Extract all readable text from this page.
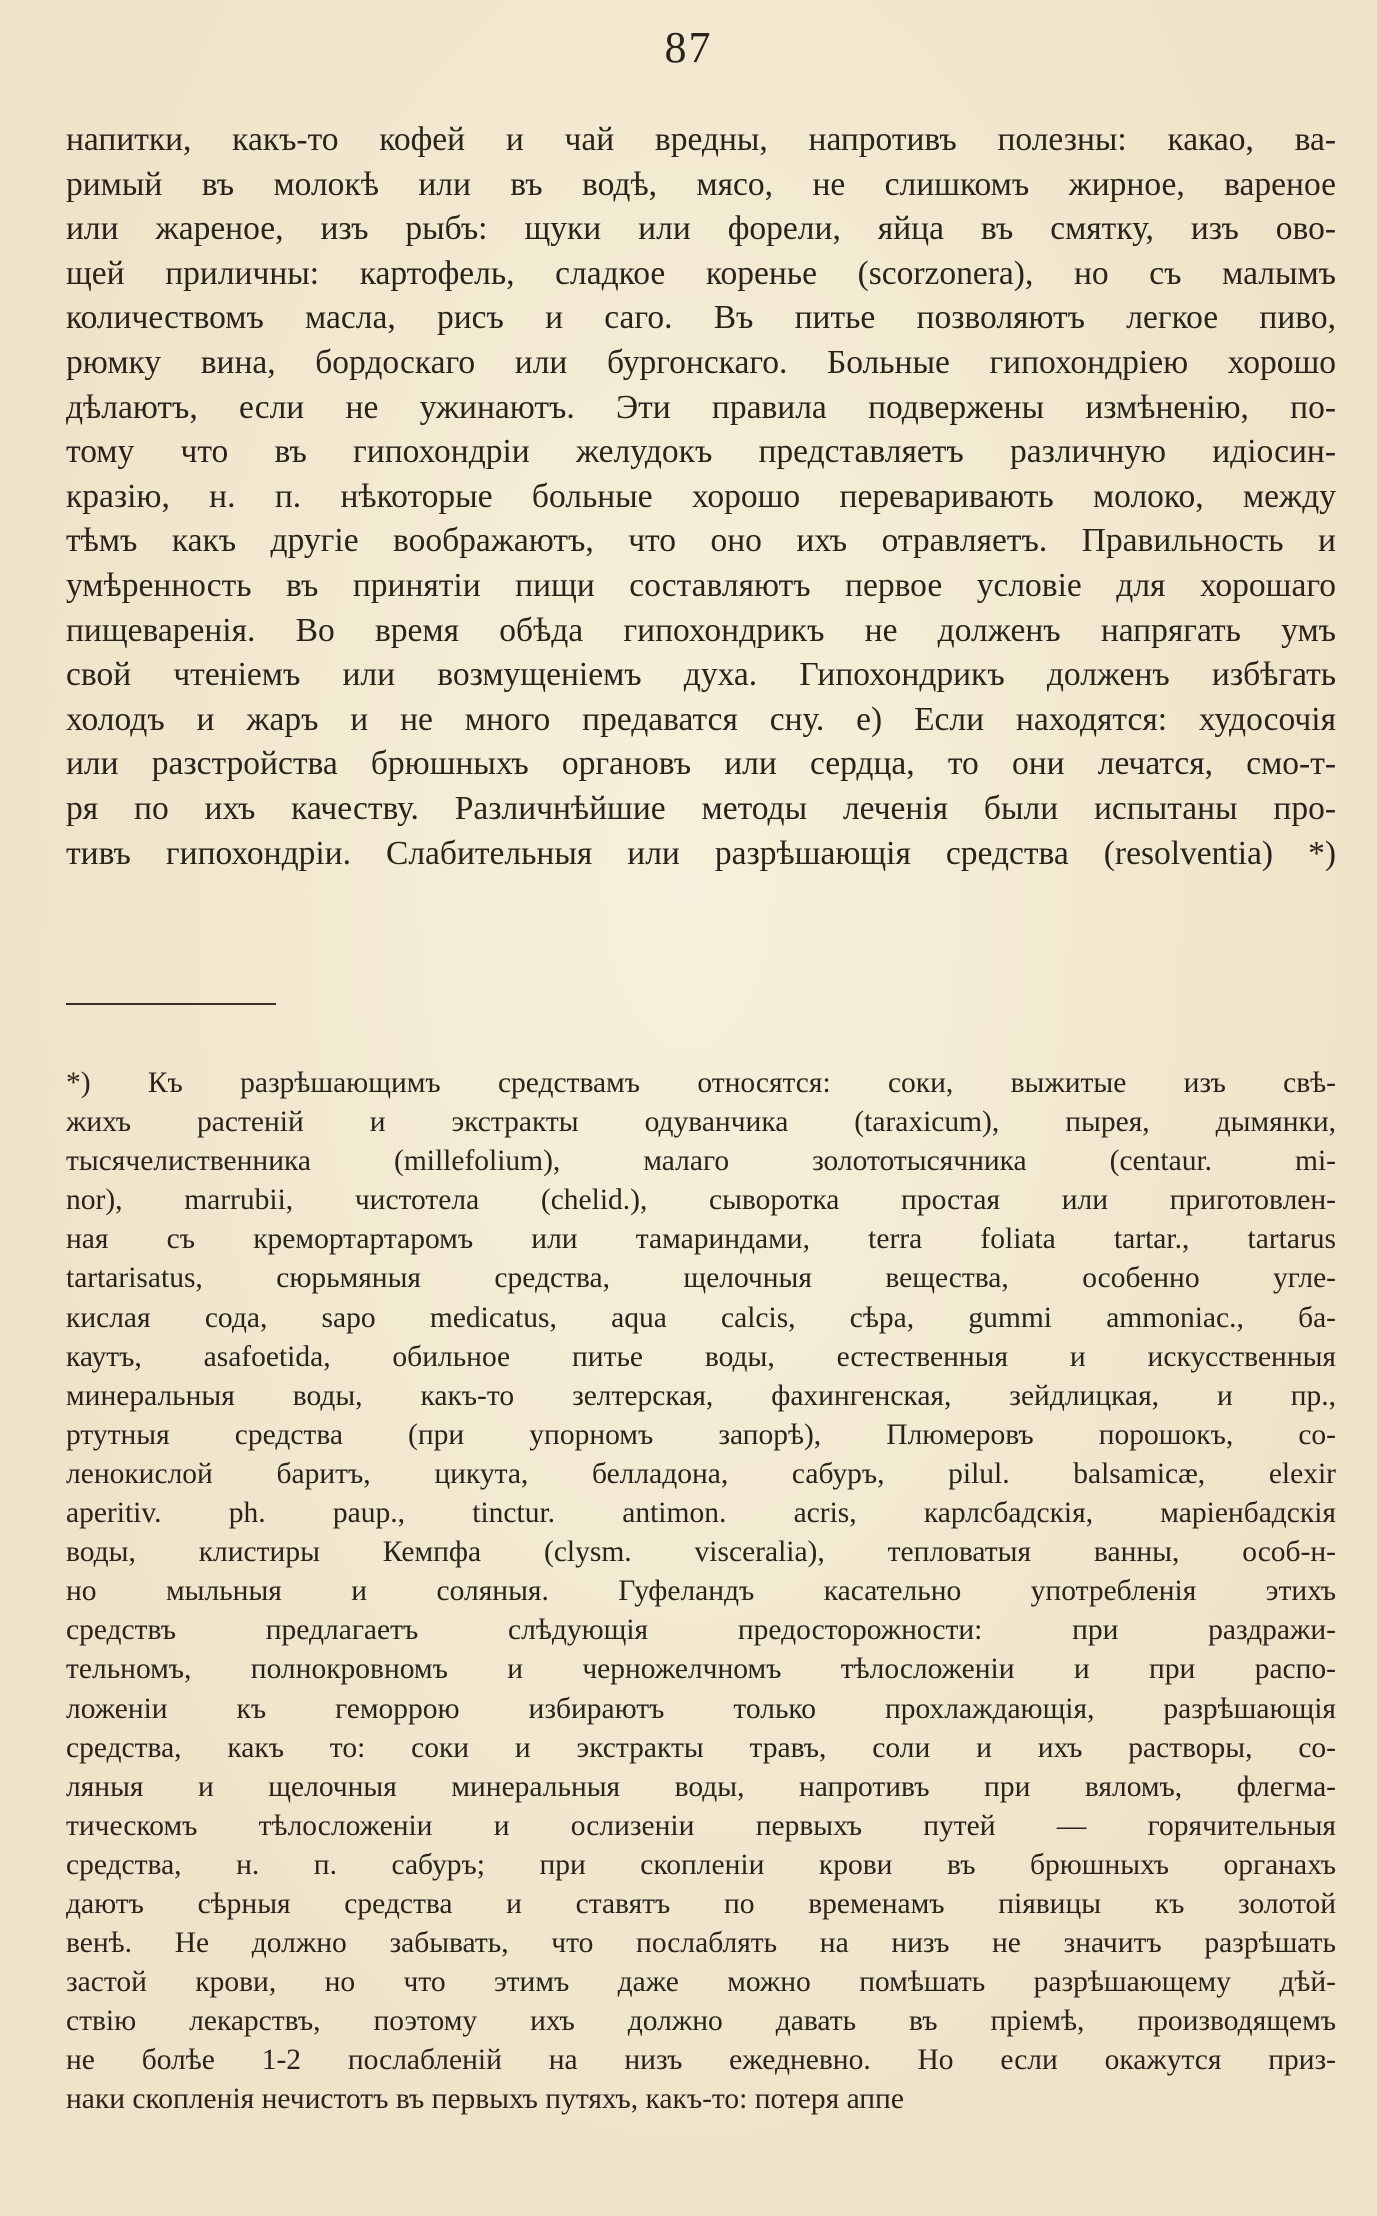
87
напитки, какъ-то кофей и чай вредны, напротивъ полезны: какао, ва-
римый въ молокѣ или въ водѣ, мясо, не слишкомъ жирное, вареное
или жареное, изъ рыбъ: щуки или форели, яйца въ смятку, изъ ово-
щей приличны: картофель, сладкое коренье (scorzonera), но съ малымъ
количествомъ масла, рисъ и саго. Въ питье позволяютъ легкое пиво,
рюмку вина, бордоскаго или бургонскаго. Больные гипохондріею хорошо
дѣлаютъ, если не ужинаютъ. Эти правила подвержены измѣненію, по-
тому что въ гипохондріи желудокъ представляетъ различную идіосин-
кразію, н. п. нѣкоторые больные хорошо переваривають молоко, между
тѣмъ какъ другіе воображаютъ, что оно ихъ отравляетъ. Правильность и
умѣренность въ принятіи пищи составляютъ первое условіе для хорошаго
пищеваренія. Во время обѣда гипохондрикъ не долженъ напрягать умъ
свой чтеніемъ или возмущеніемъ духа. Гипохондрикъ долженъ избѣгать
холодъ и жаръ и не много предаватся сну. е) Если находятся: худосочія
или разстройства брюшныхъ органовъ или сердца, то они лечатся, смо-т-
ря по ихъ качеству. Различнѣйшие методы леченія были испытаны про-
тивъ гипохондріи. Слабительныя или разрѣшающія средства (resolventia) *)
*) Къ разрѣшающимъ средствамъ относятся: соки, выжитые изъ свѣ-
жихъ растеній и экстракты одуванчика (taraxicum), пырея, дымянки,
тысячелиственника (millefolium), малаго золототысячника (centaur. mi-
nor), marrubii, чистотела (chelid.), сыворотка простая или приготовлен-
ная съ кремортартаромъ или тамариндами, terra foliata tartar., tartarus
tartarisatus, сюрьмяныя средства, щелочныя вещества, особенно угле-
кислая сода, sapo medicatus, aqua calcis, сѣра, gummi ammoniac., ба-
каутъ, asafoetida, обильное питье воды, естественныя и искусственныя
минеральныя воды, какъ-то зелтерская, фахингенская, зейдлицкая, и пр.,
ртутныя средства (при упорномъ запорѣ), Плюмеровъ порошокъ, со-
ленокислой баритъ, цикута, белладона, сабуръ, pilul. balsamicæ, elexir
aperitiv. ph. paup., tinctur. antimon. acris, карлсбадскія, маріенбадскія
воды, клистиры Кемпфа (clysm. visceralia), тепловатыя ванны, особ-н-
но мыльныя и соляныя. Гуфеландъ касательно употребленія этихъ
средствъ предлагаетъ слѣдующія предосторожности: при раздражи-
тельномъ, полнокровномъ и черножелчномъ тѣлосложеніи и при распо-
ложеніи къ геморрою избираютъ только прохлаждающія, разрѣшающія
средства, какъ то: соки и экстракты травъ, соли и ихъ растворы, со-
ляныя и щелочныя минеральныя воды, напротивъ при вяломъ, флегма-
тическомъ тѣлосложеніи и ослизеніи первыхъ путей — горячительныя
средства, н. п. сабуръ; при скопленіи крови въ брюшныхъ органахъ
даютъ сѣрныя средства и ставятъ по временамъ піявицы къ золотой
венѣ. Не должно забывать, что послаблять на низъ не значитъ разрѣшать
застой крови, но что этимъ даже можно помѣшать разрѣшающему дѣй-
ствію лекарствъ, поэтому ихъ должно давать въ пріемѣ, производящемъ
не болѣе 1-2 послабленій на низъ ежедневно. Но если окажутся приз-
наки скопленія нечистотъ въ первыхъ путяхъ, какъ-то: потеря аппе
